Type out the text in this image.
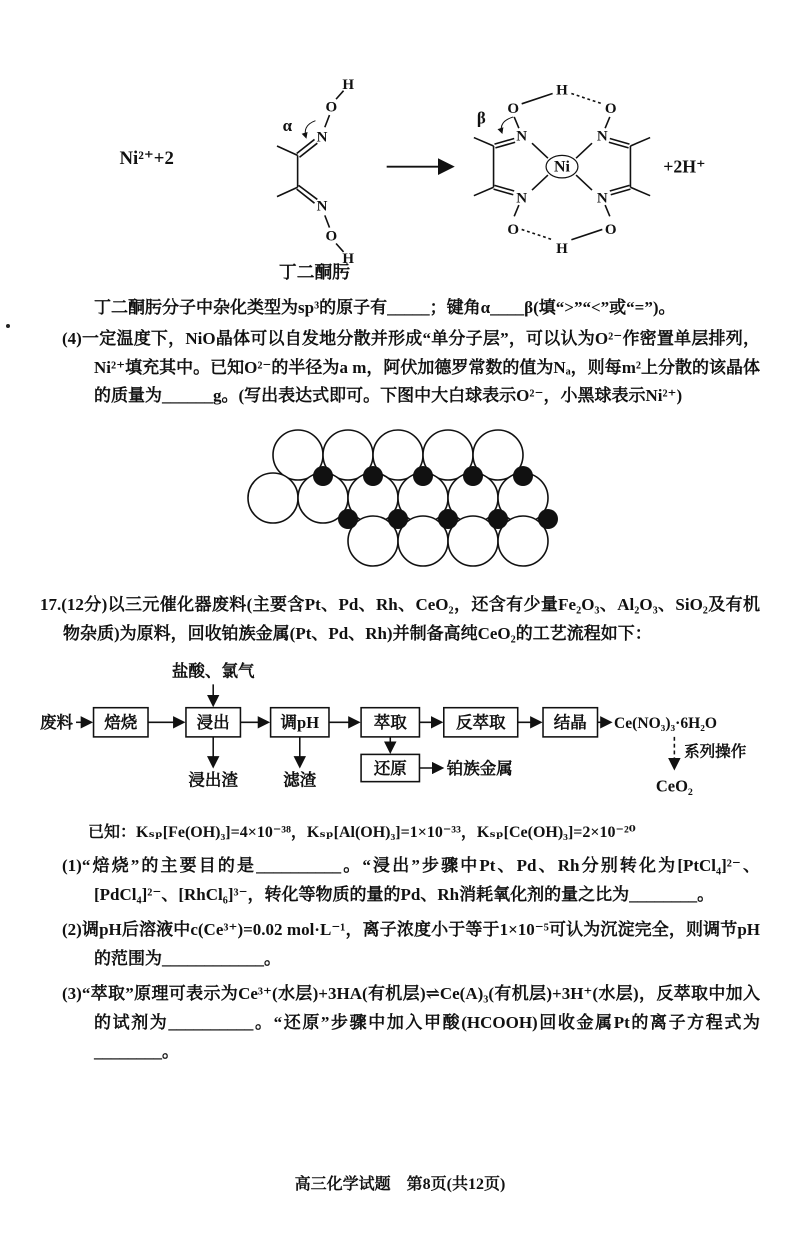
Ni²⁺+2
H
O
N
N
O
H
α
Ni
N	N
N	N
O	O
H
O	O
H
β
+2H⁺
丁二酮肟

丁二酮肟分子中杂化类型为sp³的原子有_____；键角α____β(填“>”“<”或“=”)。

(4)一定温度下，NiO晶体可以自发地分散并形成“单分子层”，可以认为O²⁻作密置单层排列，Ni²⁺填充其中。已知O²⁻的半径为a m，阿伏加德罗常数的值为Nₐ，则每m²上分散的该晶体的质量为______g。(写出表达式即可。下图中大白球表示O²⁻，小黑球表示Ni²⁺)

17.(12分)以三元催化器废料(主要含Pt、Pd、Rh、CeO₂，还含有少量Fe₂O₃、Al₂O₃、SiO₂及有机物杂质)为原料，回收铂族金属(Pt、Pd、Rh)并制备高纯CeO₂的工艺流程如下：

废料 焙烧	浸出	调pH	萃取	反萃取	结晶
还原
盐酸、氯气
浸出渣	滤渣
铂族金属
Ce(NO₃)₃·6H₂O
系列操作
CeO₂

已知：Kₛₚ[Fe(OH)₃]=4×10⁻³⁸，Kₛₚ[Al(OH)₃]=1×10⁻³³，Kₛₚ[Ce(OH)₃]=2×10⁻²⁰

(1)“焙烧”的主要目的是__________。“浸出”步骤中Pt、Pd、Rh分别转化为[PtCl₄]²⁻、[PdCl₄]²⁻、[RhCl₆]³⁻，转化等物质的量的Pd、Rh消耗氧化剂的量之比为________。

(2)调pH后溶液中c(Ce³⁺)=0.02 mol·L⁻¹，离子浓度小于等于1×10⁻⁵可认为沉淀完全，则调节pH的范围为____________。

(3)“萃取”原理可表示为Ce³⁺(水层)+3HA(有机层)⇌Ce(A)₃(有机层)+3H⁺(水层)，反萃取中加入的试剂为__________。“还原”步骤中加入甲酸(HCOOH)回收金属Pt的离子方程式为________。

高三化学试题　第8页(共12页)
